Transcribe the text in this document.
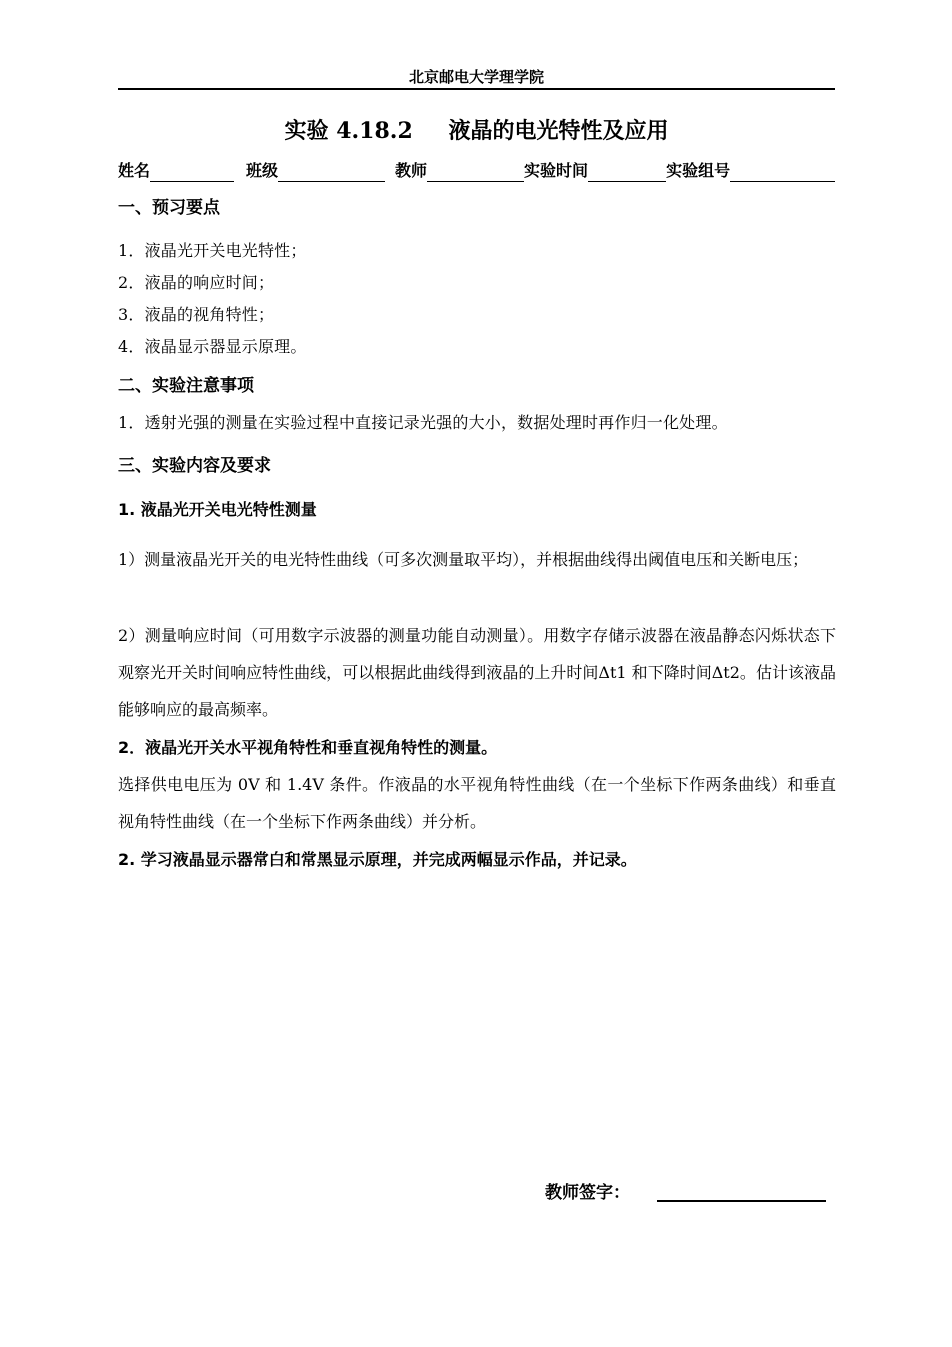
北京邮电大学理学院
实验 4.18.2 液晶的电光特性及应用
姓名	班级	教师	实验时间	实验组号
一、预习要点
1．液晶光开关电光特性；
2．液晶的响应时间；
3．液晶的视角特性；
4．液晶显示器显示原理。
二、实验注意事项
1．透射光强的测量在实验过程中直接记录光强的大小，数据处理时再作归一化处理。
三、实验内容及要求
1. 液晶光开关电光特性测量
1）测量液晶光开关的电光特性曲线（可多次测量取平均），并根据曲线得出阈值电压和关断电压；
2）测量响应时间（可用数字示波器的测量功能自动测量）。用数字存储示波器在液晶静态闪烁状态下观察光开关时间响应特性曲线，可以根据此曲线得到液晶的上升时间Δt1 和下降时间Δt2。估计该液晶能够响应的最高频率。
2．液晶光开关水平视角特性和垂直视角特性的测量。
选择供电电压为 0V 和 1.4V 条件。作液晶的水平视角特性曲线（在一个坐标下作两条曲线）和垂直视角特性曲线（在一个坐标下作两条曲线）并分析。
2. 学习液晶显示器常白和常黑显示原理，并完成两幅显示作品，并记录。
教师签字：
